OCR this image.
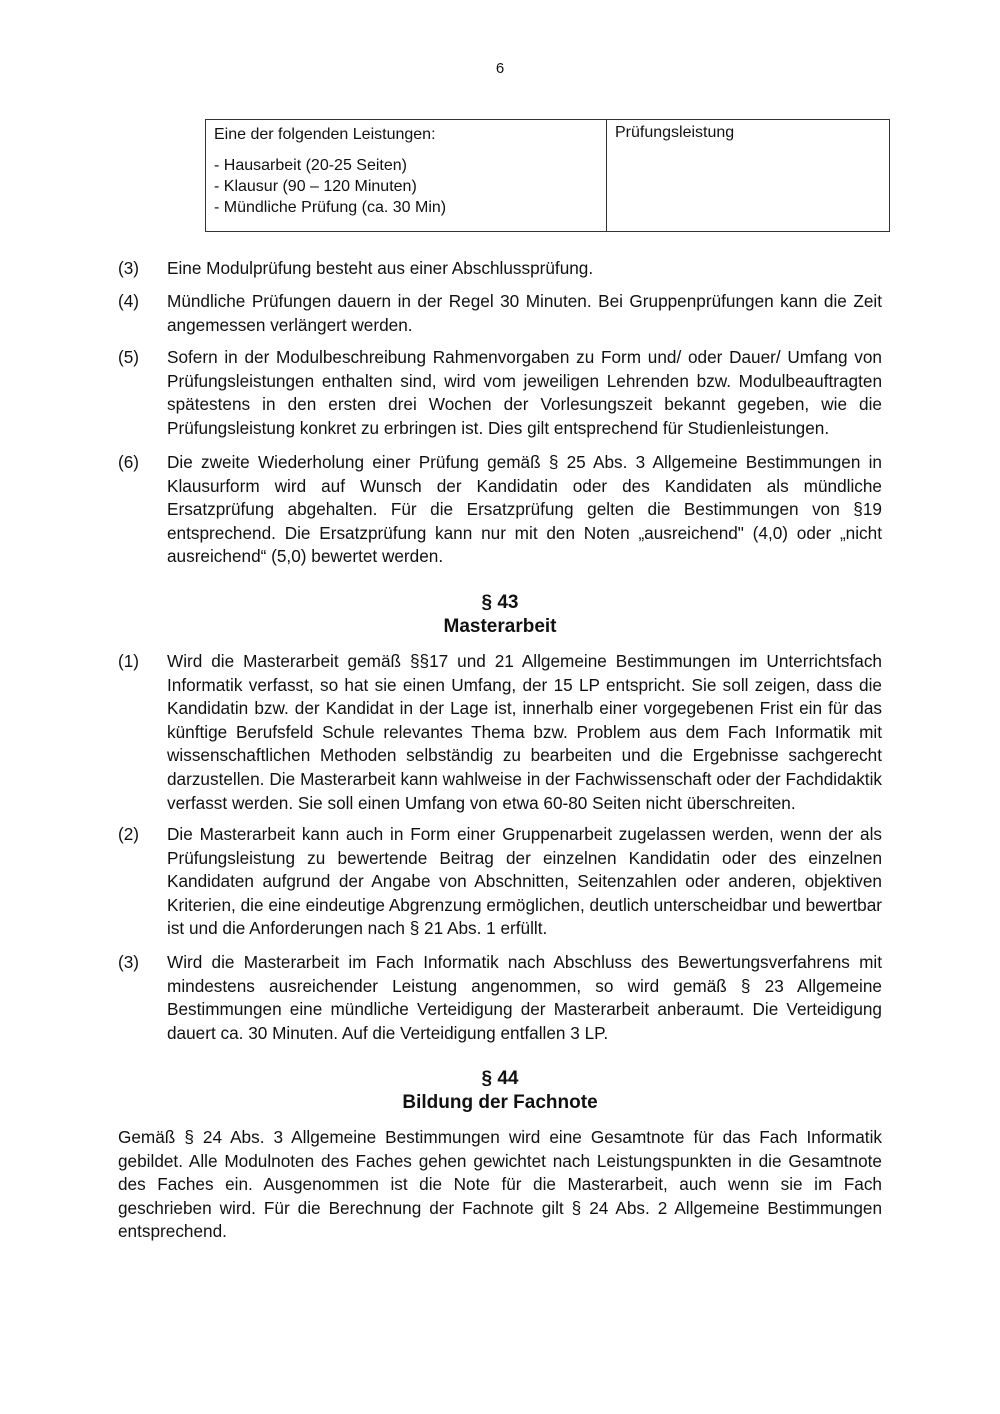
6
Eine der folgenden Leistungen:
- Hausarbeit (20-25 Seiten)
- Klausur (90 – 120 Minuten)
- Mündliche Prüfung (ca. 30 Min)
Prüfungsleistung
(3) Eine Modulprüfung besteht aus einer Abschlussprüfung.
(4) Mündliche Prüfungen dauern in der Regel 30 Minuten. Bei Gruppenprüfungen kann die Zeit angemessen verlängert werden.
(5) Sofern in der Modulbeschreibung Rahmenvorgaben zu Form und/ oder Dauer/ Umfang von Prüfungsleistungen enthalten sind, wird vom jeweiligen Lehrenden bzw. Modulbeauftragten spätestens in den ersten drei Wochen der Vorlesungszeit bekannt gegeben, wie die Prüfungsleistung konkret zu erbringen ist. Dies gilt entsprechend für Studienleistungen.
(6) Die zweite Wiederholung einer Prüfung gemäß § 25 Abs. 3 Allgemeine Bestimmungen in Klausurform wird auf Wunsch der Kandidatin oder des Kandidaten als mündliche Ersatzprüfung abgehalten. Für die Ersatzprüfung gelten die Bestimmungen von §19 entsprechend. Die Ersatzprüfung kann nur mit den Noten „ausreichend" (4,0) oder „nicht ausreichend“ (5,0) bewertet werden.
§ 43
Masterarbeit
(1) Wird die Masterarbeit gemäß §§17 und 21 Allgemeine Bestimmungen im Unterrichtsfach Informatik verfasst, so hat sie einen Umfang, der 15 LP entspricht. Sie soll zeigen, dass die Kandidatin bzw. der Kandidat in der Lage ist, innerhalb einer vorgegebenen Frist ein für das künftige Berufsfeld Schule relevantes Thema bzw. Problem aus dem Fach Informatik mit wissenschaftlichen Methoden selbständig zu bearbeiten und die Ergebnisse sachgerecht darzustellen. Die Masterarbeit kann wahlweise in der Fachwissenschaft oder der Fachdidaktik verfasst werden. Sie soll einen Umfang von etwa 60-80 Seiten nicht überschreiten.
(2) Die Masterarbeit kann auch in Form einer Gruppenarbeit zugelassen werden, wenn der als Prüfungsleistung zu bewertende Beitrag der einzelnen Kandidatin oder des einzelnen Kandidaten aufgrund der Angabe von Abschnitten, Seitenzahlen oder anderen, objektiven Kriterien, die eine eindeutige Abgrenzung ermöglichen, deutlich unterscheidbar und bewertbar ist und die Anforderungen nach § 21 Abs. 1 erfüllt.
(3) Wird die Masterarbeit im Fach Informatik nach Abschluss des Bewertungsverfahrens mit mindestens ausreichender Leistung angenommen, so wird gemäß § 23 Allgemeine Bestimmungen eine mündliche Verteidigung der Masterarbeit anberaumt. Die Verteidigung dauert ca. 30 Minuten. Auf die Verteidigung entfallen 3 LP.
§ 44
Bildung der Fachnote
Gemäß § 24 Abs. 3 Allgemeine Bestimmungen wird eine Gesamtnote für das Fach Informatik gebildet. Alle Modulnoten des Faches gehen gewichtet nach Leistungspunkten in die Gesamtnote des Faches ein. Ausgenommen ist die Note für die Masterarbeit, auch wenn sie im Fach geschrieben wird. Für die Berechnung der Fachnote gilt § 24 Abs. 2 Allgemeine Bestimmungen entsprechend.
